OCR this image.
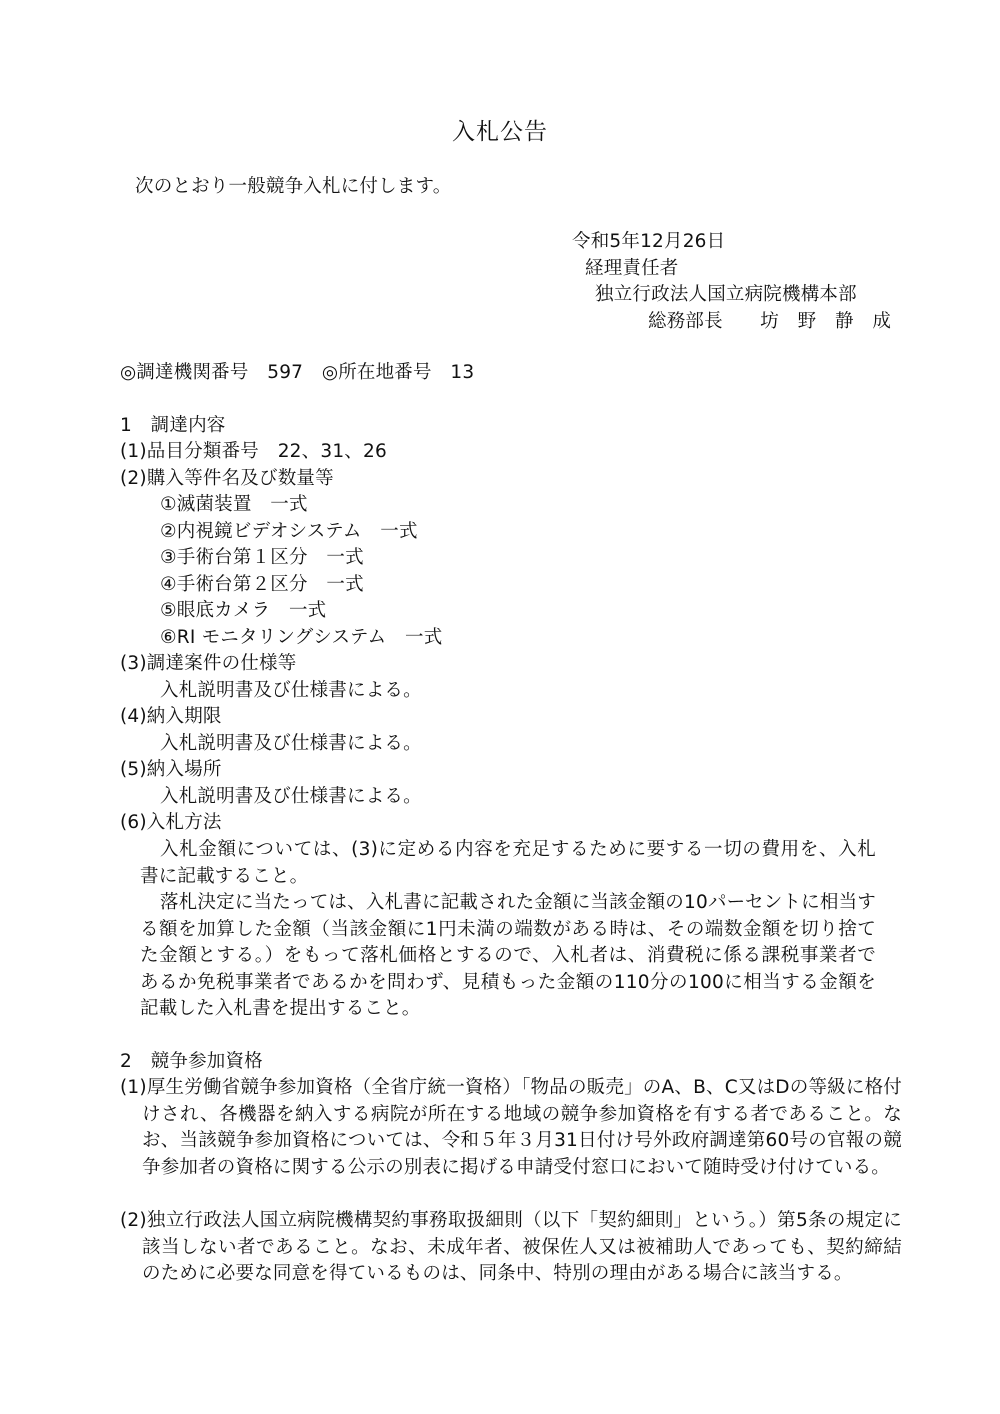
入札公告

次のとおり一般競争入札に付します。

令和5年12月26日

経理責任者

独立行政法人国立病院機構本部

総務部長　　坊　野　静　成

◎調達機関番号　597　◎所在地番号　13

1　調達内容

(1)品目分類番号　22、31、26

(2)購入等件名及び数量等

①滅菌装置　一式

②内視鏡ビデオシステム　一式

③手術台第１区分　一式

④手術台第２区分　一式

⑤眼底カメラ　一式

⑥RI モニタリングシステム　一式

(3)調達案件の仕様等

入札説明書及び仕様書による。

(4)納入期限

入札説明書及び仕様書による。

(5)納入場所

入札説明書及び仕様書による。

(6)入札方法

入札金額については、(3)に定める内容を充足するために要する一切の費用を、入札書に記載すること。

落札決定に当たっては、入札書に記載された金額に当該金額の10パーセントに相当する額を加算した金額（当該金額に1円未満の端数がある時は、その端数金額を切り捨てた金額とする。）をもって落札価格とするので、入札者は、消費税に係る課税事業者であるか免税事業者であるかを問わず、見積もった金額の110分の100に相当する金額を記載した入札書を提出すること。

2　競争参加資格

(1)厚生労働省競争参加資格（全省庁統一資格）「物品の販売」のA、B、C又はDの等級に格付けされ、各機器を納入する病院が所在する地域の競争参加資格を有する者であること。なお、当該競争参加資格については、令和５年３月31日付け号外政府調達第60号の官報の競争参加者の資格に関する公示の別表に掲げる申請受付窓口において随時受け付けている。

(2)独立行政法人国立病院機構契約事務取扱細則（以下「契約細則」という。）第5条の規定に該当しない者であること。なお、未成年者、被保佐人又は被補助人であっても、契約締結のために必要な同意を得ているものは、同条中、特別の理由がある場合に該当する。
